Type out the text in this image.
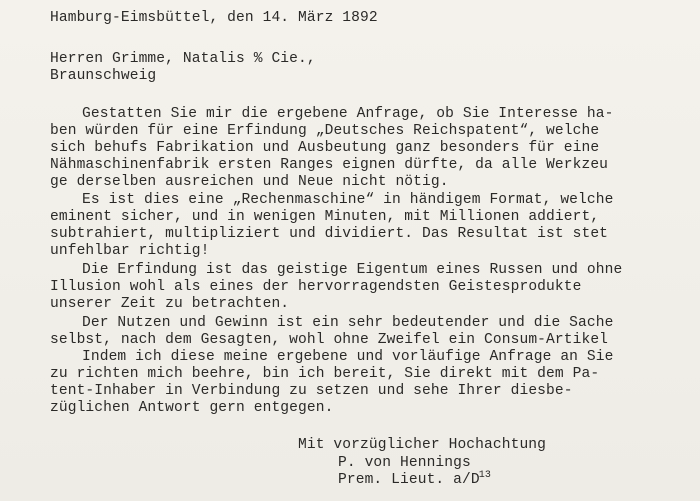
Hamburg-Eimsbüttel, den 14. März 1892
Herren Grimme, Natalis % Cie.,
Braunschweig
Gestatten Sie mir die ergebene Anfrage, ob Sie Interesse ha-
ben würden für eine Erfindung „Deutsches Reichspatent“, welche
sich behufs Fabrikation und Ausbeutung ganz besonders für eine
Nähmaschinenfabrik ersten Ranges eignen dürfte, da alle Werkzeu
ge derselben ausreichen und Neue nicht nötig.
Es ist dies eine „Rechenmaschine“ in händigem Format, welche
eminent sicher, und in wenigen Minuten, mit Millionen addiert,
subtrahiert, multipliziert und dividiert. Das Resultat ist stet
unfehlbar richtig!
Die Erfindung ist das geistige Eigentum eines Russen und ohne
Illusion wohl als eines der hervorragendsten Geistesprodukte
unserer Zeit zu betrachten.
Der Nutzen und Gewinn ist ein sehr bedeutender und die Sache
selbst, nach dem Gesagten, wohl ohne Zweifel ein Consum-Artikel
Indem ich diese meine ergebene und vorläufige Anfrage an Sie
zu richten mich beehre, bin ich bereit, Sie direkt mit dem Pa-
tent-Inhaber in Verbindung zu setzen und sehe Ihrer diesbe-
züglichen Antwort gern entgegen.
Mit vorzüglicher Hochachtung
P. von Hennings
Prem. Lieut. $a/D^{13}$
